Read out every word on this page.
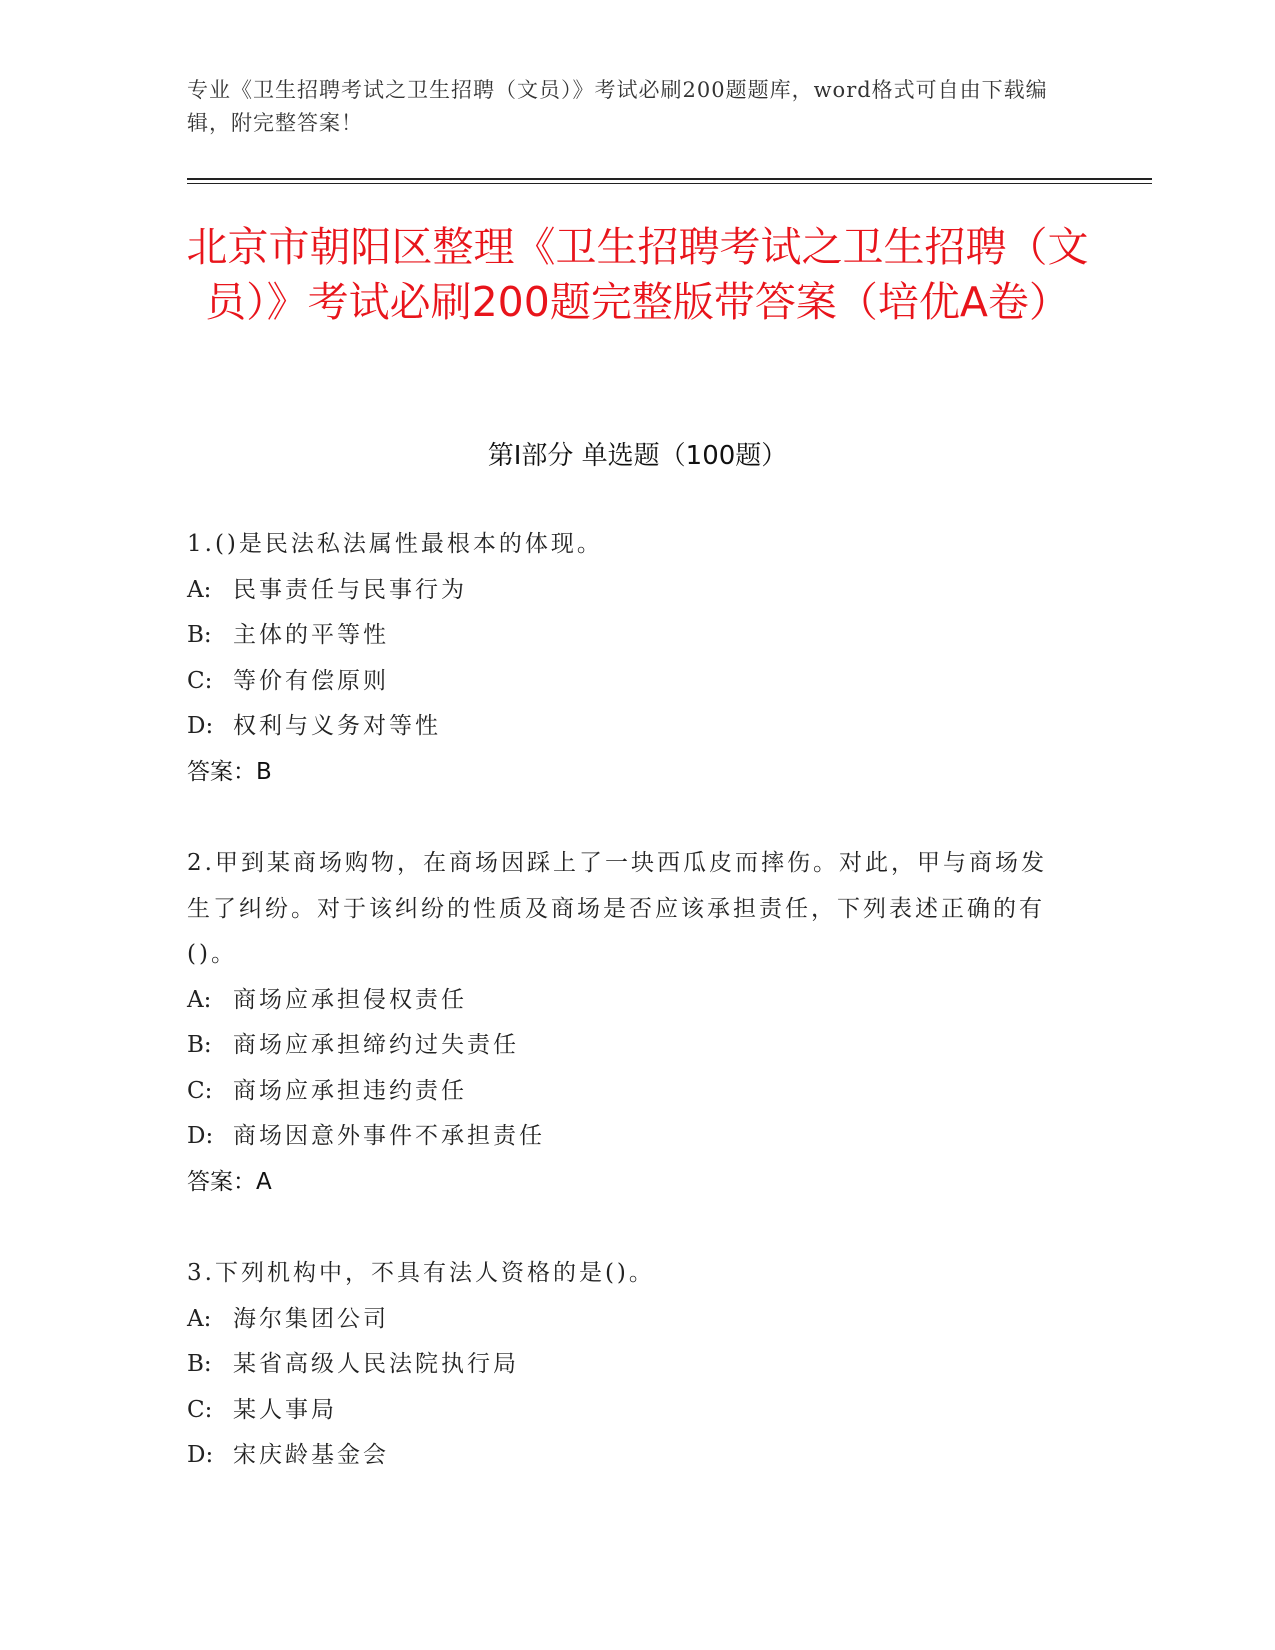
专业《卫生招聘考试之卫生招聘（文员）》考试必刷200题题库，word格式可自由下载编辑，附完整答案！
北京市朝阳区整理《卫生招聘考试之卫生招聘（文员）》考试必刷200题完整版带答案（培优A卷）
第Ⅰ部分 单选题（100题）
1.()是民法私法属性最根本的体现。
A: 民事责任与民事行为
B: 主体的平等性
C: 等价有偿原则
D: 权利与义务对等性
答案：B
2.甲到某商场购物，在商场因踩上了一块西瓜皮而摔伤。对此，甲与商场发生了纠纷。对于该纠纷的性质及商场是否应该承担责任，下列表述正确的有()。
A: 商场应承担侵权责任
B: 商场应承担缔约过失责任
C: 商场应承担违约责任
D: 商场因意外事件不承担责任
答案：A
3.下列机构中，不具有法人资格的是()。
A: 海尔集团公司
B: 某省高级人民法院执行局
C: 某人事局
D: 宋庆龄基金会
